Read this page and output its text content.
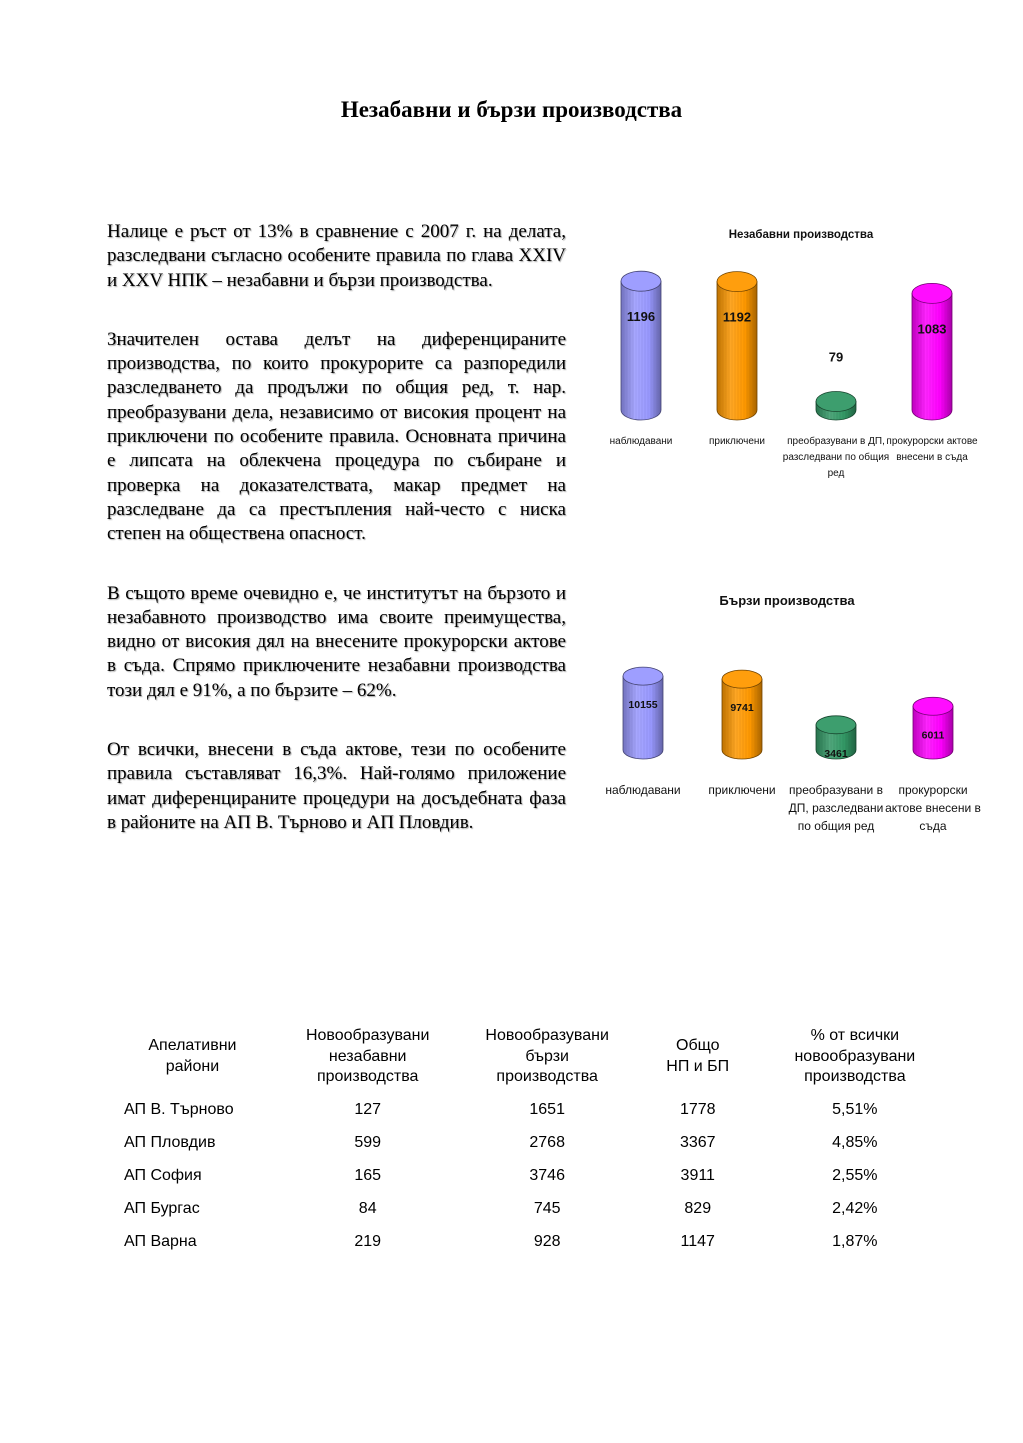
Незабавни и бързи производства

Налице е ръст от 13% в сравнение с 2007 г. на делата, разследвани съгласно особените правила по глава XXIV и XXV НПК – незабавни и бързи производства.

Значителен остава делът на диференцираните производства, по които прокурорите са разпоредили разследването да продължи по общия ред, т. нар. преобразувани дела, независимо от високия процент на приключени по особените правила. Основната причина е липсата на облекчена процедура по събиране и проверка на доказателствата, макар предмет на разследване да са престъпления най-често с ниска степен на обществена опасност.

В същото време очевидно е, че институтът на бързото и незабавното производство има своите преимущества, видно от високия дял на внесените прокурорски актове в съда. Спрямо приключените незабавни производства този дял е 91%, а по бързите – 62%.

От всички, внесени в съда актове, тези по особените правила съставляват 16,3%. Най-голямо приложение имат диференцираните процедури на досъдебната фаза в районите на АП В. Търново и АП Пловдив.

Незабавни производства
1196
наблюдавани
1192
приключени
79
преобразувани в ДП,
разследвани по общия
ред
1083
прокурорски актове
внесени в съда
Бързи производства
10155
наблюдавани
9741
приключени
3461
преобразувани в
ДП, разследвани
по общия ред
6011
прокурорски
актове внесени в
съда
Апелативни
райони	Новообразувани
незабавни
производства	Новообразувани
бързи
производства	Общо
НП и БП	% от всички
новообразувани
производства

АП В. Търново	127	1651	1778	5,51%
АП Пловдив	599	2768	3367	4,85%
АП София	165	3746	3911	2,55%
АП Бургас	84	745	829	2,42%
АП Варна	219	928	1147	1,87%
